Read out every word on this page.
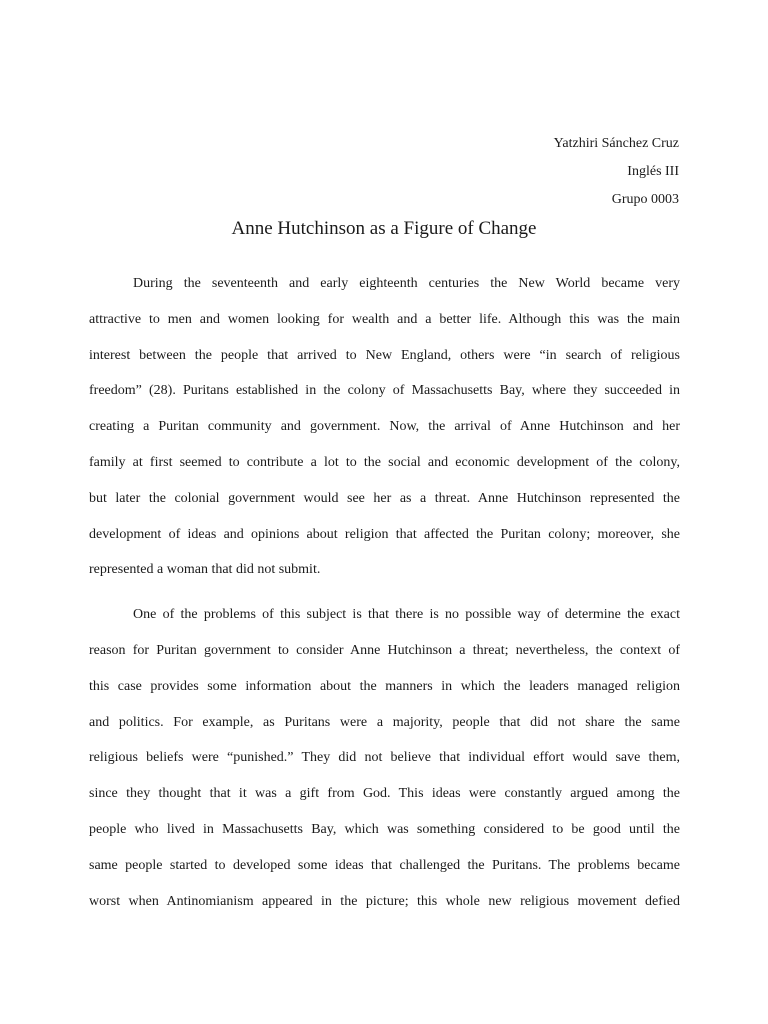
Yatzhiri Sánchez Cruz
Inglés III
Grupo 0003
Anne Hutchinson as a Figure of Change
During the seventeenth and early eighteenth centuries the New World became very
attractive to men and women looking for wealth and a better life. Although this was the main
interest between the people that arrived to New England, others were “in search of religious
freedom” (28). Puritans established in the colony of Massachusetts Bay, where they succeeded in
creating a Puritan community and government. Now, the arrival of Anne Hutchinson and her
family at first seemed to contribute a lot to the social and economic development of the colony,
but later the colonial government would see her as a threat. Anne Hutchinson represented the
development of ideas and opinions about religion that affected the Puritan colony; moreover, she
represented a woman that did not submit.
One of the problems of this subject is that there is no possible way of determine the exact
reason for Puritan government to consider Anne Hutchinson a threat; nevertheless, the context of
this case provides some information about the manners in which the leaders managed religion
and politics. For example, as Puritans were a majority, people that did not share the same
religious beliefs were “punished.” They did not believe that individual effort would save them,
since they thought that it was a gift from God. This ideas were constantly argued among the
people who lived in Massachusetts Bay, which was something considered to be good until the
same people started to developed some ideas that challenged the Puritans. The problems became
worst when Antinomianism appeared in the picture; this whole new religious movement defied
